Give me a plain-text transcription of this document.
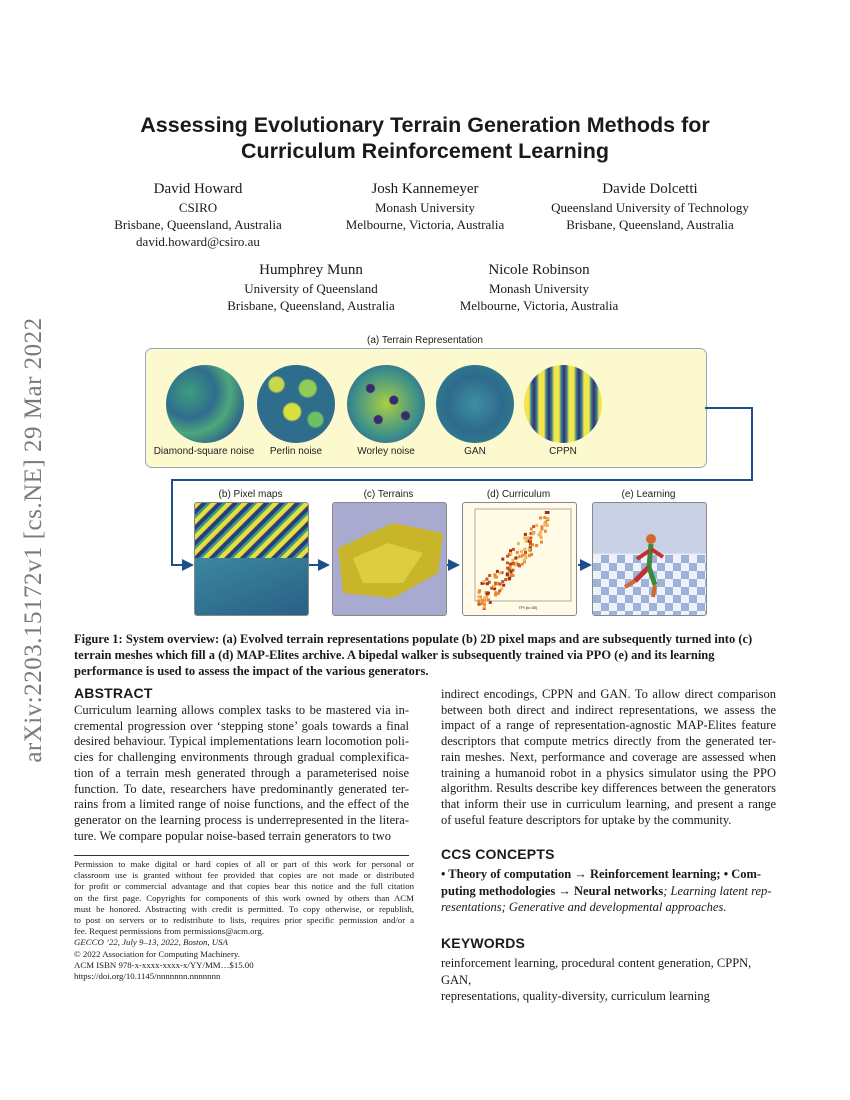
arXiv:2203.15172v1 [cs.NE] 29 Mar 2022
Assessing Evolutionary Terrain Generation Methods for
Curriculum Reinforcement Learning
David Howard
CSIRO
Brisbane, Queensland, Australia
david.howard@csiro.au
Josh Kannemeyer
Monash University
Melbourne, Victoria, Australia
Davide Dolcetti
Queensland University of Technology
Brisbane, Queensland, Australia
Humphrey Munn
University of Queensland
Brisbane, Queensland, Australia
Nicole Robinson
Monash University
Melbourne, Victoria, Australia
(a) Terrain Representation
Diamond-square noise	Perlin noise	Worley noise	GAN	CPPN
(b) Pixel maps	(c) Terrains	(d) Curriculum
TPI (k=30)
(e) Learning
Figure 1: System overview: (a) Evolved terrain representations populate (b) 2D pixel maps and are subsequently turned into (c) terrain meshes which fill a (d) MAP-Elites archive. A bipedal walker is subsequently trained via PPO (e) and its learning performance is used to assess the impact of the various generators.
ABSTRACT
Curriculum learning allows complex tasks to be mastered via in-
cremental progression over ‘stepping stone’ goals towards a final
desired behaviour. Typical implementations learn locomotion poli-
cies for challenging environments through gradual complexifica-
tion of a terrain mesh generated through a parameterised noise
function. To date, researchers have predominantly generated ter-
rains from a limited range of noise functions, and the effect of the
generator on the learning process is underrepresented in the litera-
ture. We compare popular noise-based terrain generators to two
indirect encodings, CPPN and GAN. To allow direct comparison
between both direct and indirect representations, we assess the
impact of a range of representation-agnostic MAP-Elites feature
descriptors that compute metrics directly from the generated ter-
rain meshes. Next, performance and coverage are assessed when
training a humanoid robot in a physics simulator using the PPO
algorithm. Results describe key differences between the generators
that inform their use in curriculum learning, and present a range
of useful feature descriptors for uptake by the community.
Permission to make digital or hard copies of all or part of this work for personal or
classroom use is granted without fee provided that copies are not made or distributed
for profit or commercial advantage and that copies bear this notice and the full citation
on the first page. Copyrights for components of this work owned by others than ACM
must be honored. Abstracting with credit is permitted. To copy otherwise, or republish,
to post on servers or to redistribute to lists, requires prior specific permission and/or a
fee. Request permissions from permissions@acm.org.
GECCO ’22, July 9–13, 2022, Boston, USA
© 2022 Association for Computing Machinery.
ACM ISBN 978-x-xxxx-xxxx-x/YY/MM…$15.00
https://doi.org/10.1145/nnnnnnn.nnnnnnn
CCS CONCEPTS
• Theory of computation → Reinforcement learning; • Com-
puting methodologies → Neural networks; Learning latent rep-
resentations; Generative and developmental approaches.
KEYWORDS
reinforcement learning, procedural content generation, CPPN, GAN,
representations, quality-diversity, curriculum learning
